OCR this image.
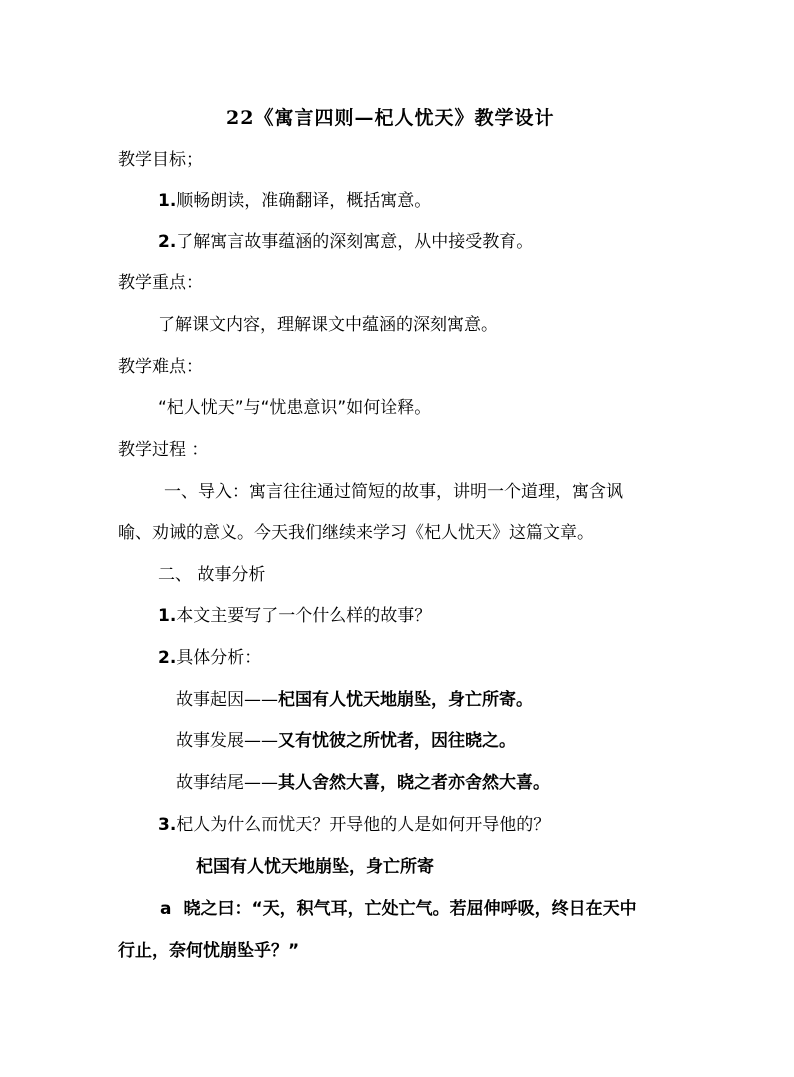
22《寓言四则—杞人忧天》教学设计
教学目标；
1.顺畅朗读，准确翻译，概括寓意。
2.了解寓言故事蕴涵的深刻寓意，从中接受教育。
教学重点：
了解课文内容，理解课文中蕴涵的深刻寓意。
教学难点：
“杞人忧天”与“忧患意识”如何诠释。
教学过程 ：
一、导入：寓言往往通过简短的故事，讲明一个道理，寓含讽
喻、劝诫的意义。今天我们继续来学习《杞人忧天》这篇文章。
二、 故事分析
1.本文主要写了一个什么样的故事？
2.具体分析：
故事起因——杞国有人忧天地崩坠，身亡所寄。
故事发展——又有忧彼之所忧者，因往晓之。
故事结尾——其人舍然大喜，晓之者亦舍然大喜。
3.杞人为什么而忧天？开导他的人是如何开导他的？
杞国有人忧天地崩坠，身亡所寄
a 晓之曰：“天，积气耳，亡处亡气。若屈伸呼吸，终日在天中
行止，奈何忧崩坠乎？”
